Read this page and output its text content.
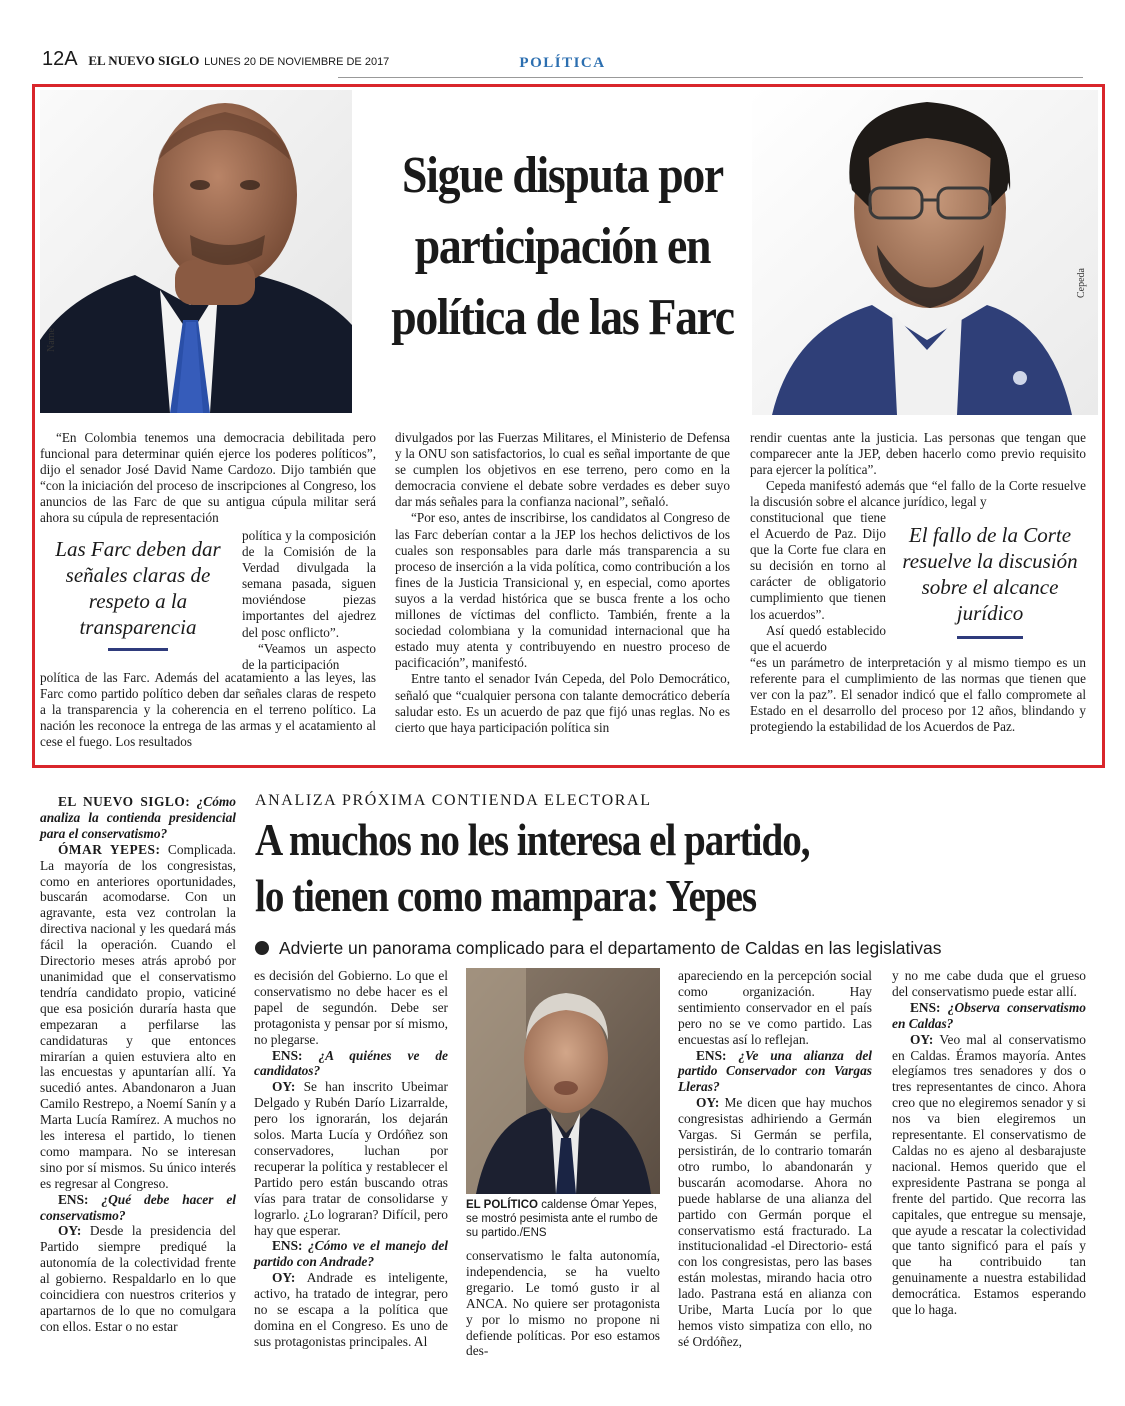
12A EL NUEVO SIGLO LUNES 20 DE NOVIEMBRE DE 2017	POLÍTICA
Name
Cepeda
Sigue disputa por participación en política de las Farc

“En Colombia tenemos una democracia debilitada pero funcional para determinar quién ejerce los poderes políticos”, dijo el senador José David Name Cardozo. Dijo también que “con la iniciación del proceso de inscripciones al Congreso, los anuncios de las Farc de que su antigua cúpula militar será ahora su cúpula de representación

Las Farc deben dar señales claras de respeto a la transparencia

política y la composición de la Comisión de la Verdad divulgada la semana pasada, siguen moviéndose piezas importantes del ajedrez del posc onflicto”.

“Veamos un aspecto de la participación

política de las Farc. Además del acatamiento a las leyes, las Farc como partido político deben dar señales claras de respeto a la transparencia y la coherencia en el terreno político. La nación les reconoce la entrega de las armas y el acatamiento al cese el fuego. Los resultados

divulgados por las Fuerzas Militares, el Ministerio de Defensa y la ONU son satisfactorios, lo cual es señal importante de que se cumplen los objetivos en ese terreno, pero como en la democracia conviene el debate sobre verdades es deber suyo dar más señales para la confianza nacional”, señaló.

“Por eso, antes de inscribirse, los candidatos al Congreso de las Farc deberían contar a la JEP los hechos delictivos de los cuales son responsables para darle más transparencia a su proceso de inserción a la vida política, como contribución a los fines de la Justicia Transicional y, en especial, como aportes suyos a la verdad histórica que se busca frente a los ocho millones de víctimas del conflicto. También, frente a la sociedad colombiana y la comunidad internacional que ha estado muy atenta y contribuyendo en nuestro proceso de pacificación”, manifestó.

Entre tanto el senador Iván Cepeda, del Polo Democrático, señaló que “cualquier persona con talante democrático debería saludar esto. Es un acuerdo de paz que fijó unas reglas. No es cierto que haya participación política sin

rendir cuentas ante la justicia. Las personas que tengan que comparecer ante la JEP, deben hacerlo como previo requisito para ejercer la política”.

Cepeda manifestó además que “el fallo de la Corte resuelve la discusión sobre el alcance jurídico, legal y

constitucional que tiene el Acuerdo de Paz. Dijo que la Corte fue clara en su decisión en torno al carácter de obligatorio cumplimiento que tienen los acuerdos”.

Así quedó establecido que el acuerdo

El fallo de la Corte resuelve la discusión sobre el alcance jurídico

“es un parámetro de interpretación y al mismo tiempo es un referente para el cumplimiento de las normas que tienen que ver con la paz”. El senador indicó que el fallo compromete al Estado en el desarrollo del proceso por 12 años, blindando y protegiendo la estabilidad de los Acuerdos de Paz.

ANALIZA PRÓXIMA CONTIENDA ELECTORAL
A muchos no les interesa el partido,
lo tienen como mampara: Yepes
Advierte un panorama complicado para el departamento de Caldas en las legislativas

EL NUEVO SIGLO: ¿Cómo analiza la contienda presidencial para el conservatismo?

ÓMAR YEPES: Complicada. La mayoría de los congresistas, como en anteriores oportunidades, buscarán acomodarse. Con un agravante, esta vez controlan la directiva nacional y les quedará más fácil la operación. Cuando el Directorio meses atrás aprobó por unanimidad que el conservatismo tendría candidato propio, vaticiné que esa posición duraría hasta que empezaran a perfilarse las candidaturas y que entonces mirarían a quien estuviera alto en las encuestas y apuntarían allí. Ya sucedió antes. Abandonaron a Juan Camilo Restrepo, a Noemí Sanín y a Marta Lucía Ramírez. A muchos no les interesa el partido, lo tienen como mampara. No se interesan sino por sí mismos. Su único interés es regresar al Congreso.

ENS: ¿Qué debe hacer el conservatismo?

OY: Desde la presidencia del Partido siempre prediqué la autonomía de la colectividad frente al gobierno. Respaldarlo en lo que coincidiera con nuestros criterios y apartarnos de lo que no comulgara con ellos. Estar o no estar

es decisión del Gobierno. Lo que el conservatismo no debe hacer es el papel de segundón. Debe ser protagonista y pensar por sí mismo, no plegarse.

ENS: ¿A quiénes ve de candidatos?

OY: Se han inscrito Ubeimar Delgado y Rubén Darío Lizarralde, pero los ignorarán, los dejarán solos. Marta Lucía y Ordóñez son conservadores, luchan por recuperar la política y restablecer el Partido pero están buscando otras vías para tratar de consolidarse y lograrlo. ¿Lo lograran? Difícil, pero hay que esperar.

ENS: ¿Cómo ve el manejo del partido con Andrade?

OY: Andrade es inteligente, activo, ha tratado de integrar, pero no se escapa a la política que domina en el Congreso. Es uno de sus protagonistas principales. Al

EL POLÍTICO caldense Ómar Yepes, se mostró pesimista ante el rumbo de su partido./ENS

conservatismo le falta autonomía, independencia, se ha vuelto gregario. Le tomó gusto ir al ANCA. No quiere ser protagonista y por lo mismo no propone ni defiende políticas. Por eso estamos des-

apareciendo en la percepción social como organización. Hay sentimiento conservador en el país pero no se ve como partido. Las encuestas así lo reflejan.

ENS: ¿Ve una alianza del partido Conservador con Vargas Lleras?

OY: Me dicen que hay muchos congresistas adhiriendo a Germán Vargas. Si Germán se perfila, persistirán, de lo contrario tomarán otro rumbo, lo abandonarán y buscarán acomodarse. Ahora no puede hablarse de una alianza del partido con Germán porque el conservatismo está fracturado. La institucionalidad -el Directorio- está con los congresistas, pero las bases están molestas, mirando hacia otro lado. Pastrana está en alianza con Uribe, Marta Lucía por lo que hemos visto simpatiza con ello, no sé Ordóñez,

y no me cabe duda que el grueso del conservatismo puede estar allí.

ENS: ¿Observa conservatismo en Caldas?

OY: Veo mal al conservatismo en Caldas. Éramos mayoría. Antes elegíamos tres senadores y dos o tres representantes de cinco. Ahora creo que no elegiremos senador y si nos va bien elegiremos un representante. El conservatismo de Caldas no es ajeno al desbarajuste nacional. Hemos querido que el expresidente Pastrana se ponga al frente del partido. Que recorra las capitales, que entregue su mensaje, que ayude a rescatar la colectividad que tanto significó para el país y que ha contribuido tan genuinamente a nuestra estabilidad democrática. Estamos esperando que lo haga.
